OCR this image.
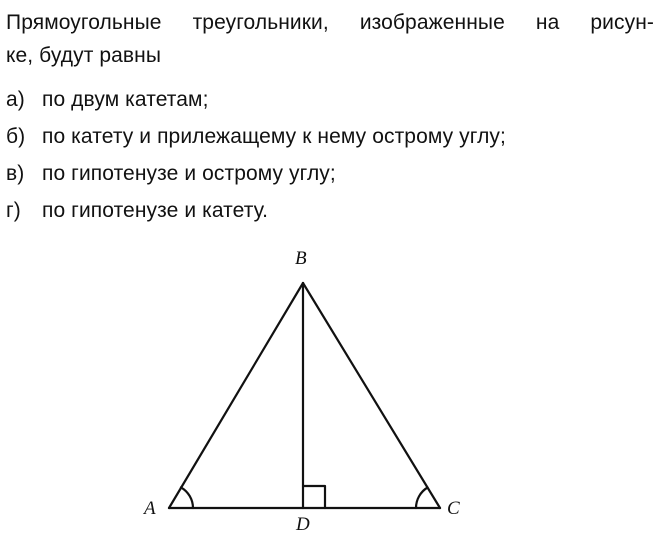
Прямоугольные треугольники, изображенные на рисун-
ке, будут равны
а) по двум катетам;
б) по катету и прилежащему к нему острому углу;
в) по гипотенузе и острому углу;
г)	по гипотенузе и катету.
B
A	C
D
